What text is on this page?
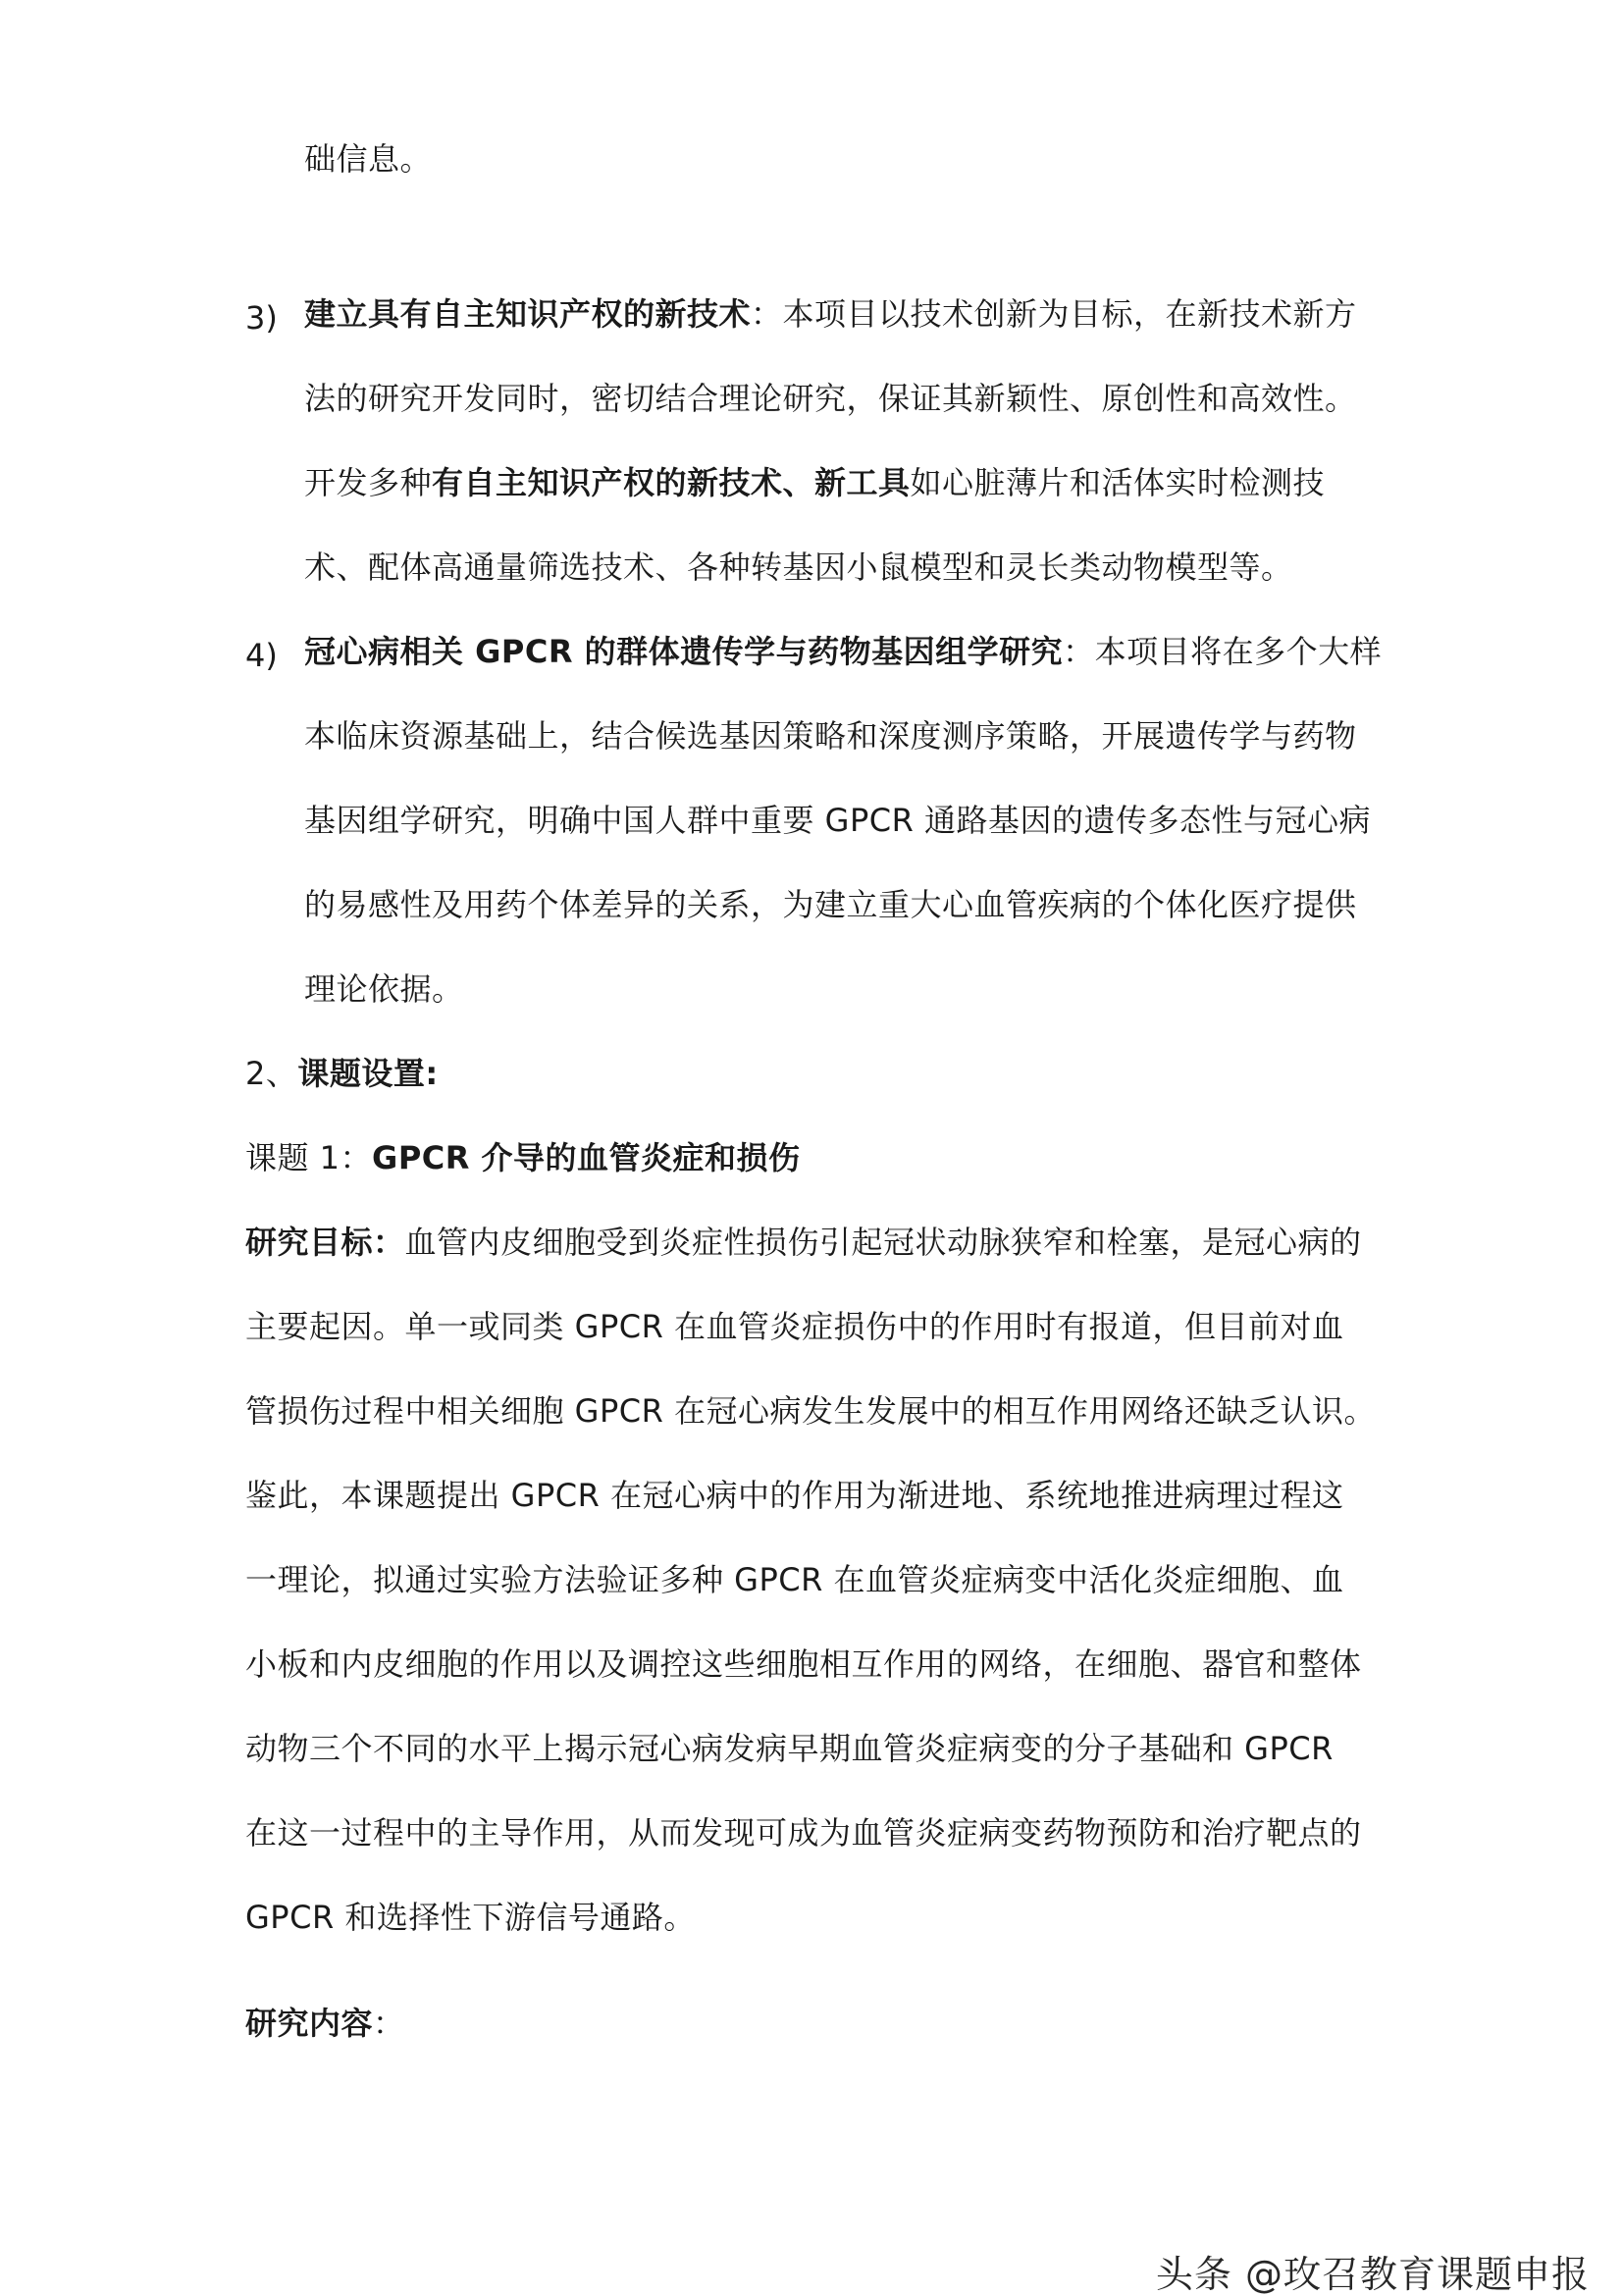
础信息。
3) 建立具有自主知识产权的新技术：本项目以技术创新为目标，在新技术新方
法的研究开发同时，密切结合理论研究，保证其新颖性、原创性和高效性。
开发多种有自主知识产权的新技术、新工具如心脏薄片和活体实时检测技
术、配体高通量筛选技术、各种转基因小鼠模型和灵长类动物模型等。
4) 冠心病相关 GPCR 的群体遗传学与药物基因组学研究：本项目将在多个大样
本临床资源基础上，结合候选基因策略和深度测序策略，开展遗传学与药物
基因组学研究，明确中国人群中重要 GPCR 通路基因的遗传多态性与冠心病
的易感性及用药个体差异的关系，为建立重大心血管疾病的个体化医疗提供
理论依据。
2、课题设置:
课题 1：GPCR 介导的血管炎症和损伤
研究目标：血管内皮细胞受到炎症性损伤引起冠状动脉狭窄和栓塞，是冠心病的
主要起因。单一或同类 GPCR 在血管炎症损伤中的作用时有报道，但目前对血
管损伤过程中相关细胞 GPCR 在冠心病发生发展中的相互作用网络还缺乏认识。
鉴此，本课题提出 GPCR 在冠心病中的作用为渐进地、系统地推进病理过程这
一理论，拟通过实验方法验证多种 GPCR 在血管炎症病变中活化炎症细胞、血
小板和内皮细胞的作用以及调控这些细胞相互作用的网络，在细胞、器官和整体
动物三个不同的水平上揭示冠心病发病早期血管炎症病变的分子基础和 GPCR
在这一过程中的主导作用，从而发现可成为血管炎症病变药物预防和治疗靶点的
GPCR 和选择性下游信号通路。
研究内容：
头条 @玫召教育课题申报
